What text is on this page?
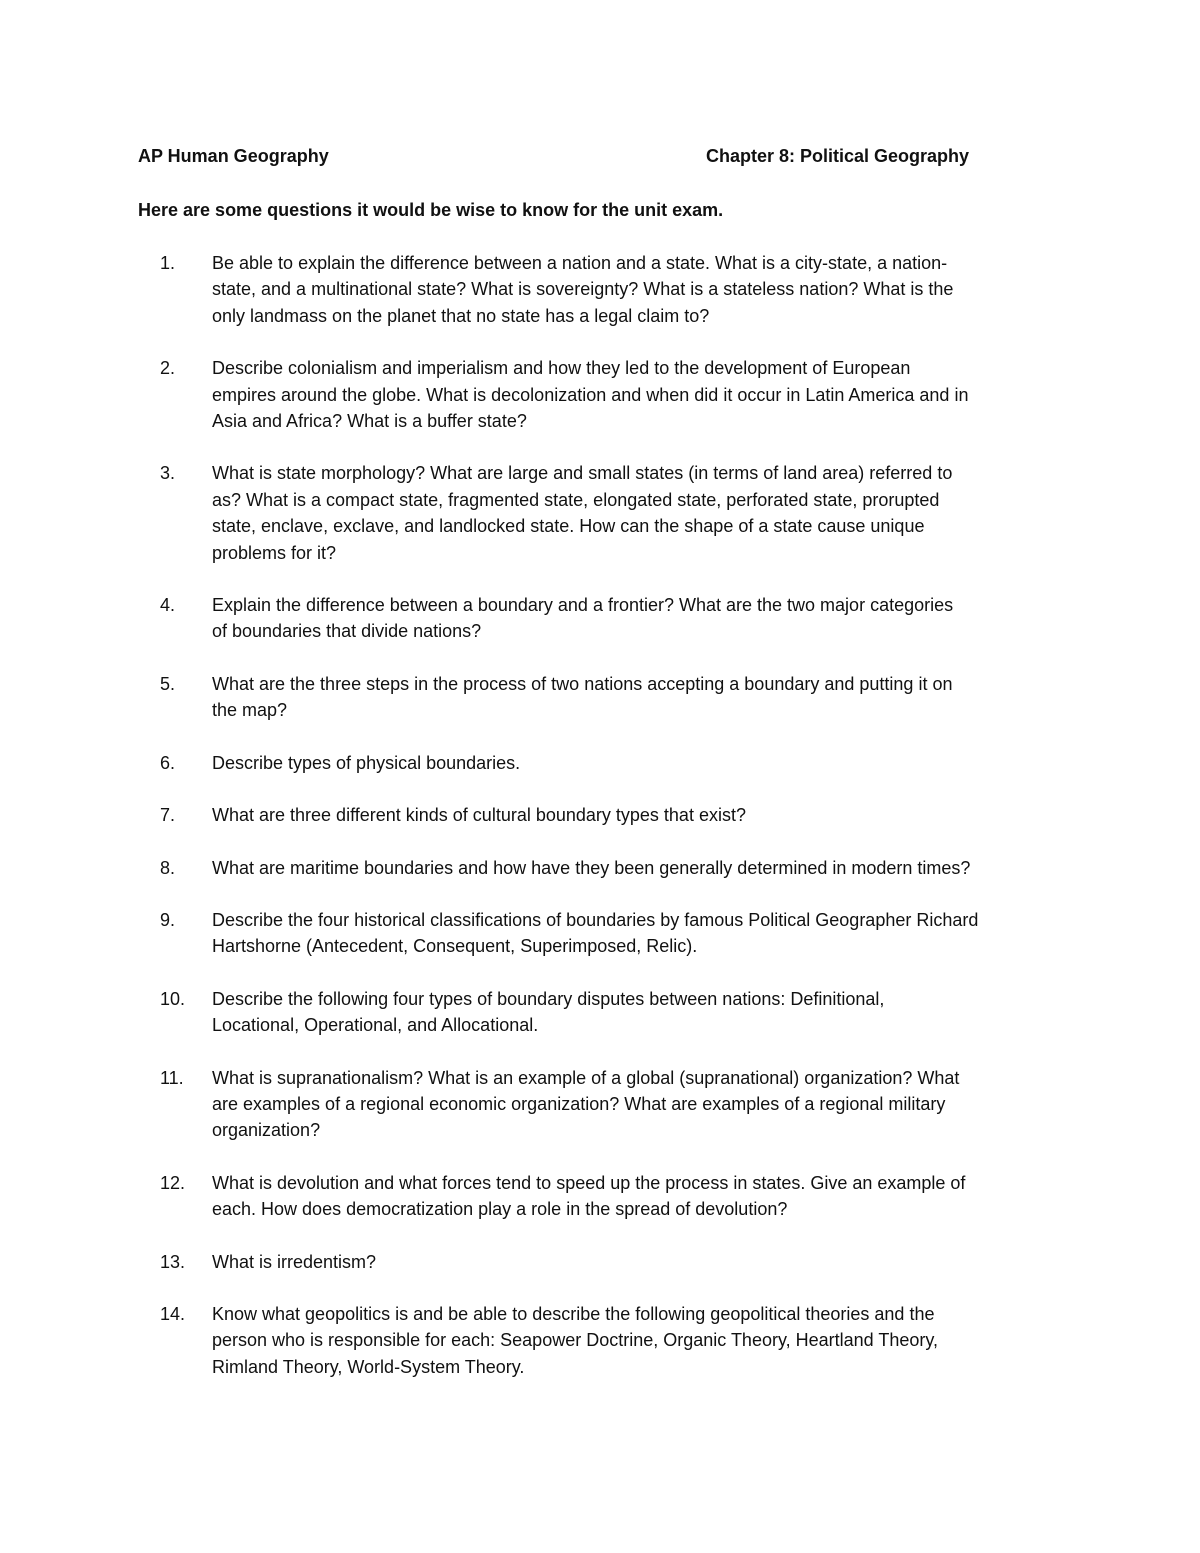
AP Human Geography	Chapter 8: Political Geography
Here are some questions it would be wise to know for the unit exam.
1.	Be able to explain the difference between a nation and a state. What is a city-state, a nation-
state, and a multinational state? What is sovereignty? What is a stateless nation? What is the
only landmass on the planet that no state has a legal claim to?
2.	Describe colonialism and imperialism and how they led to the development of European
empires around the globe. What is decolonization and when did it occur in Latin America and in
Asia and Africa? What is a buffer state?
3.	What is state morphology? What are large and small states (in terms of land area) referred to
as? What is a compact state, fragmented state, elongated state, perforated state, prorupted
state, enclave, exclave, and landlocked state. How can the shape of a state cause unique
problems for it?
4.	Explain the difference between a boundary and a frontier? What are the two major categories
of boundaries that divide nations?
5.	What are the three steps in the process of two nations accepting a boundary and putting it on
the map?
6.	Describe types of physical boundaries.
7.	What are three different kinds of cultural boundary types that exist?
8.	What are maritime boundaries and how have they been generally determined in modern times?
9.	Describe the four historical classifications of boundaries by famous Political Geographer Richard
Hartshorne (Antecedent, Consequent, Superimposed, Relic).
10.	Describe the following four types of boundary disputes between nations: Definitional,
Locational, Operational, and Allocational.
11.	What is supranationalism? What is an example of a global (supranational) organization? What
are examples of a regional economic organization? What are examples of a regional military
organization?
12.	What is devolution and what forces tend to speed up the process in states. Give an example of
each. How does democratization play a role in the spread of devolution?
13.	What is irredentism?
14.	Know what geopolitics is and be able to describe the following geopolitical theories and the
person who is responsible for each: Seapower Doctrine, Organic Theory, Heartland Theory,
Rimland Theory, World-System Theory.
